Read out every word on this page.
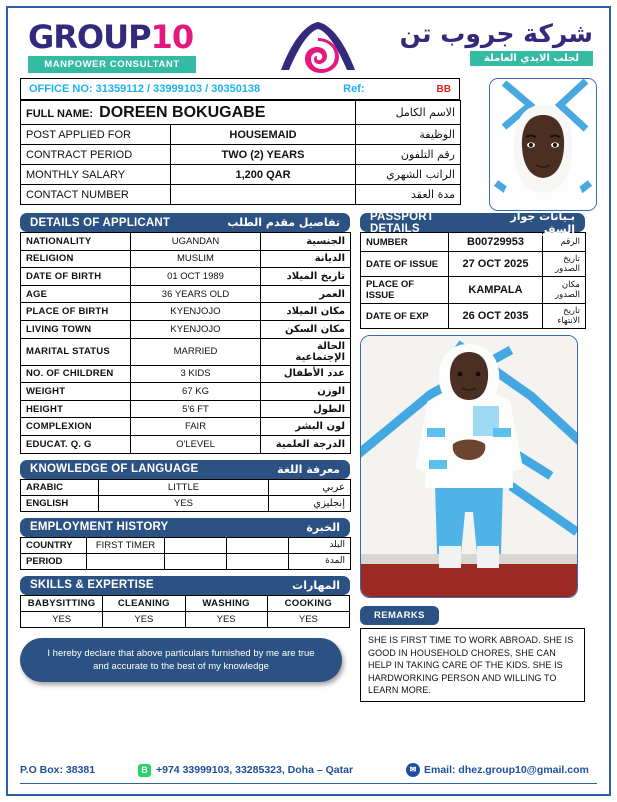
GROUP10
MANPOWER CONSULTANT
شركة جروب تن
لجلب الايدي العاملة
OFFICE NO: 31359112 / 33999103 / 30350138	Ref:	BB
FULL NAME: DOREEN BOKUGABE		الاسم الكامل
POST APPLIED FOR	HOUSEMAID	الوظيفة
CONTRACT PERIOD	TWO (2) YEARS	رقم التلفون
MONTHLY SALARY	1,200 QAR	الراتب الشهري
CONTACT NUMBER		مدة العقد
DETAILS OF APPLICANT	تفاصيل مقدم الطلب
NATIONALITY	UGANDAN	الجنسية
RELIGION	MUSLIM	الديانة
DATE OF BIRTH	01 OCT 1989	تاريخ الميلاد
AGE	36 YEARS OLD	العمر
PLACE OF BIRTH	KYENJOJO	مكان الميلاد
LIVING TOWN	KYENJOJO	مكان السكن
MARITAL STATUS	MARRIED	الحالة الإجتماعية
NO. OF CHILDREN	3 KIDS	عدد الأطفال
WEIGHT	67 KG	الوزن
HEIGHT	5'6 FT	الطول
COMPLEXION	FAIR	لون البشر
EDUCAT. Q. G	O'LEVEL	الدرجة العلمية
KNOWLEDGE OF LANGUAGE	معرفة اللغة
ARABIC	LITTLE	عربي
ENGLISH	YES	إنجليزي
EMPLOYMENT HISTORY	الخبرة
COUNTRY	FIRST TIMER			البلد
PERIOD				المدة
SKILLS & EXPERTISE	المهارات
BABYSITTING	CLEANING	WASHING	COOKING
YES	YES	YES	YES
I hereby declare that above particulars furnished by me are true and accurate to the best of my knowledge
PASSPORT DETAILS
بـيانات جواز السفر
NUMBER	B00729953	الرقم
DATE OF ISSUE	27 OCT 2025	تاريخ الصدور
PLACE OF ISSUE	KAMPALA	مكان الصدور
DATE OF EXP	26 OCT 2035	تاريخ الانتهاء
REMARKS
SHE IS FIRST TIME TO WORK ABROAD. SHE IS GOOD IN HOUSEHOLD CHORES, SHE CAN HELP IN TAKING CARE OF THE KIDS. SHE IS HARDWORKING PERSON AND WILLING TO LEARN MORE.
P.O Box: 38381	B +974 33999103, 33285323, Doha – Qatar	✉ Email: dhez.group10@gmail.com
